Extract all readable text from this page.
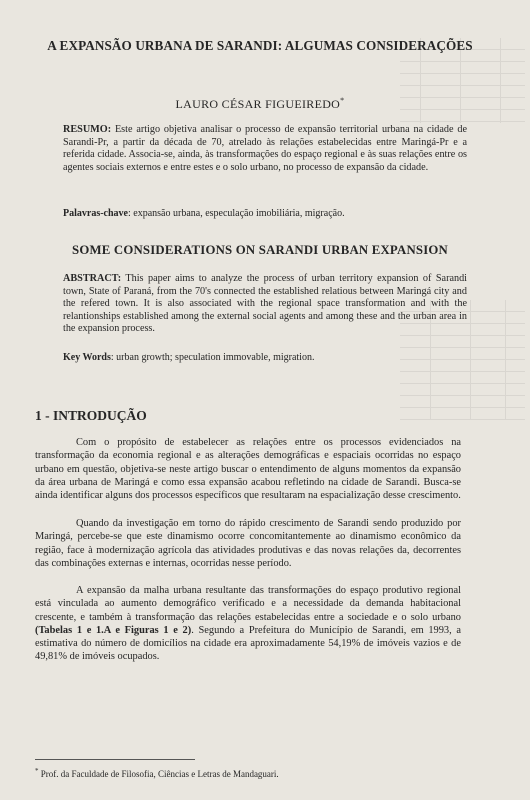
A EXPANSÃO URBANA DE SARANDI: ALGUMAS CONSIDERAÇÕES
LAURO CÉSAR FIGUEIREDO*
RESUMO: Este artigo objetiva analisar o processo de expansão territorial urbana na cidade de Sarandi-Pr, a partir da década de 70, atrelado às relações estabelecidas entre Maringá-Pr e a referida cidade. Associa-se, ainda, às transformações do espaço regional e às suas relações entre os agentes sociais externos e entre estes e o solo urbano, no processo de expansão da cidade.
Palavras-chave: expansão urbana, especulação imobiliária, migração.
SOME CONSIDERATIONS ON SARANDI URBAN EXPANSION
ABSTRACT: This paper aims to analyze the process of urban territory expansion of Sarandi town, State of Paraná, from the 70's connected the established relatious between Maringá city and the refered town. It is also associated with the regional space transformation and with the relantionships established among the external social agents and among these and the urban area in the expansion process.
Key Words: urban growth; speculation immovable, migration.
1 - INTRODUÇÃO
Com o propósito de estabelecer as relações entre os processos evidenciados na transformação da economia regional e as alterações demográficas e espaciais ocorridas no espaço urbano em questão, objetiva-se neste artigo buscar o entendimento de alguns momentos da expansão da área urbana de Maringá e como essa expansão acabou refletindo na cidade de Sarandi. Busca-se ainda identificar alguns dos processos específicos que resultaram na espacialização desse crescimento.
Quando da investigação em torno do rápido crescimento de Sarandi sendo produzido por Maringá, percebe-se que este dinamismo ocorre concomitantemente ao dinamismo econômico da região, face à modernização agrícola das atividades produtivas e das novas relações da, decorrentes das combinações externas e internas, ocorridas nesse período.
A expansão da malha urbana resultante das transformações do espaço produtivo regional está vinculada ao aumento demográfico verificado e a necessidade da demanda habitacional crescente, e também à transformação das relações estabelecidas entre a sociedade e o solo urbano (Tabelas 1 e 1.A e Figuras 1 e 2). Segundo a Prefeitura do Município de Sarandi, em 1993, a estimativa do número de domicílios na cidade era aproximadamente 54,19% de imóveis vazios e de 49,81% de imóveis ocupados.
* Prof. da Faculdade de Filosofia, Ciências e Letras de Mandaguari.
